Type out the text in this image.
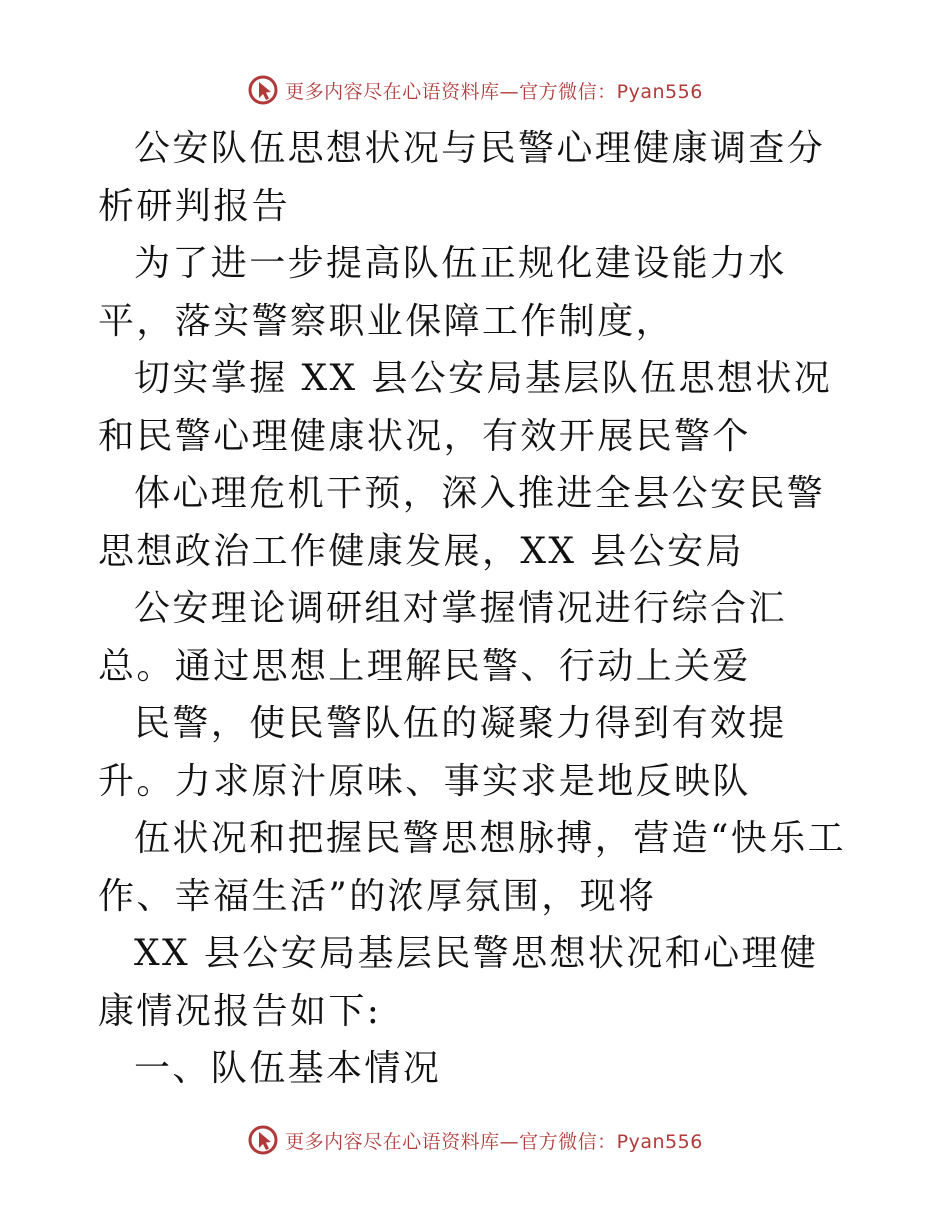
更多内容尽在心语资料库—官方微信：Pyan556

公安队伍思想状况与民警心理健康调查分析研判报告

为了进一步提高队伍正规化建设能力水平，落实警察职业保障工作制度，

切实掌握 XX 县公安局基层队伍思想状况和民警心理健康状况，有效开展民警个

体心理危机干预，深入推进全县公安民警思想政治工作健康发展，XX 县公安局

公安理论调研组对掌握情况进行综合汇总。通过思想上理解民警、行动上关爱

民警，使民警队伍的凝聚力得到有效提升。力求原汁原味、事实求是地反映队

伍状况和把握民警思想脉搏，营造“快乐工作、幸福生活”的浓厚氛围，现将

XX 县公安局基层民警思想状况和心理健康情况报告如下:

一、队伍基本情况

更多内容尽在心语资料库—官方微信：Pyan556
